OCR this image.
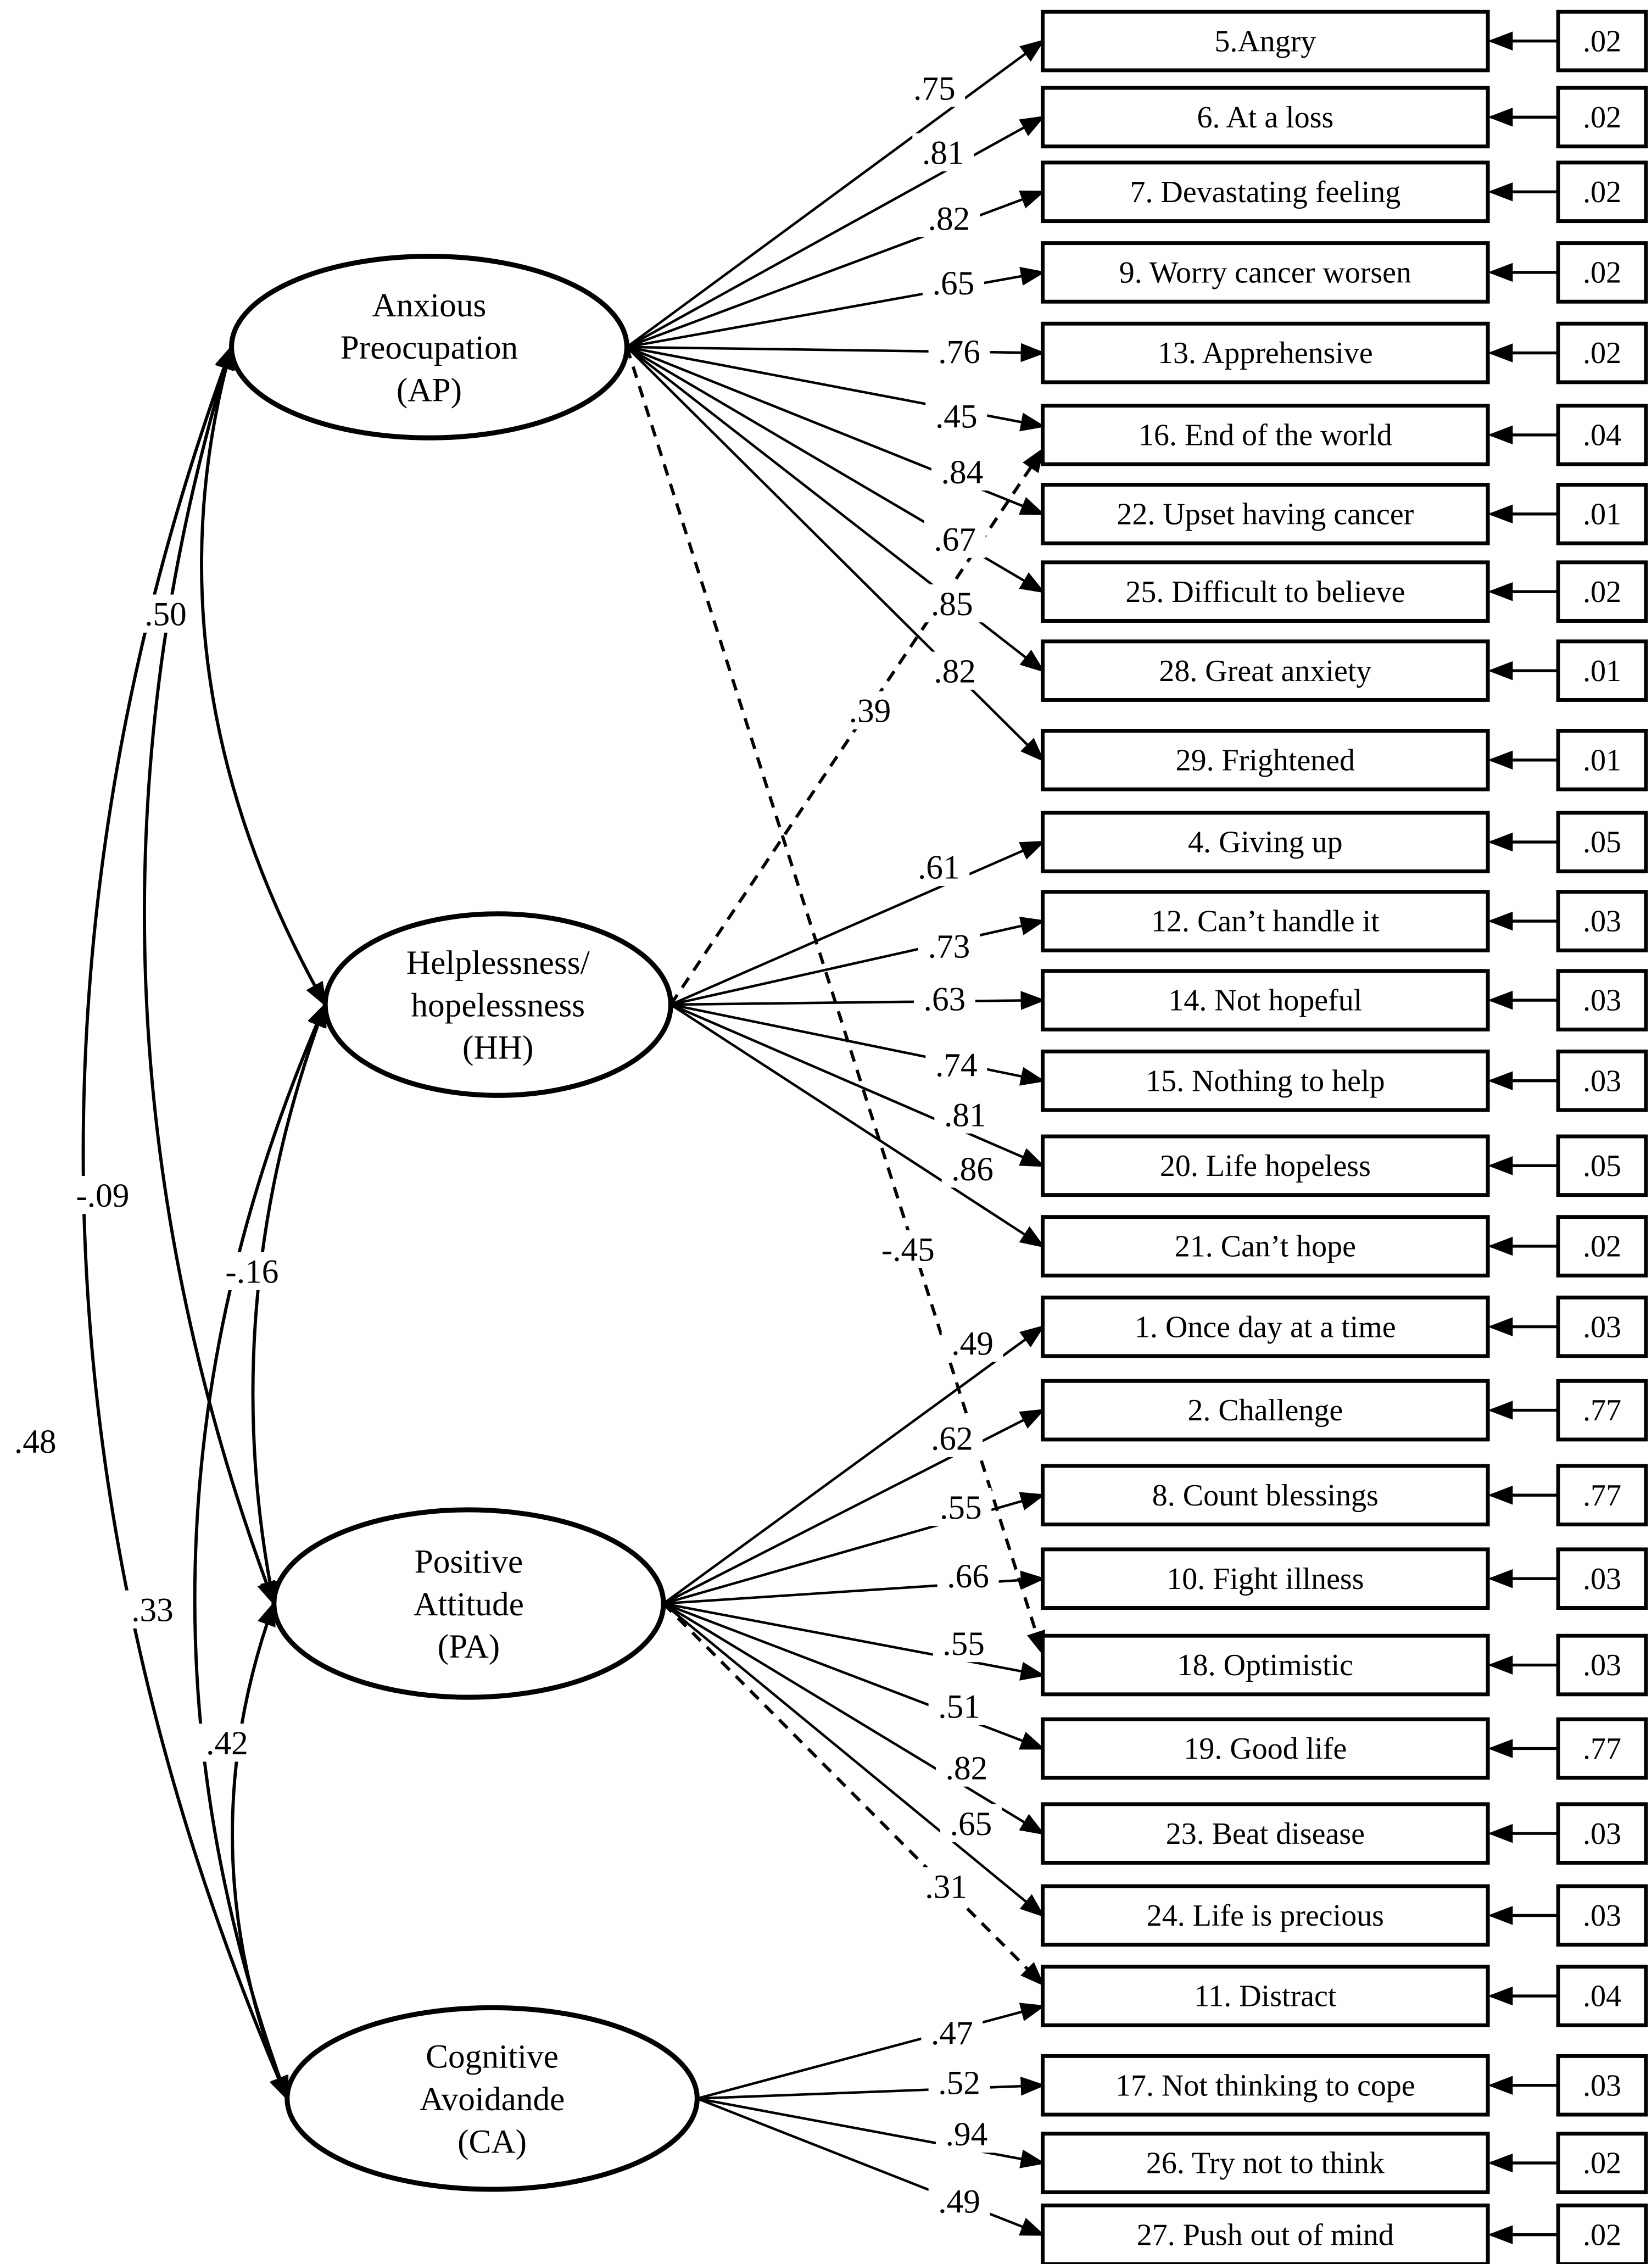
5.Angry	.02
6. At a loss	.02
7. Devastating feeling	.02
9. Worry cancer worsen	.02
13. Apprehensive	.02
16. End of the world	.04
22. Upset having cancer	.01
25. Difficult to believe	.02
28. Great anxiety	.01
29. Frightened	.01
4. Giving up	.05
12. Can’t handle it	.03
14. Not hopeful	.03
15. Nothing to help	.03
20. Life hopeless	.05
21. Can’t hope	.02
1. Once day at a time	.03
2. Challenge	.77
8. Count blessings	.77
10. Fight illness	.03
18. Optimistic	.03
19. Good life	.77
23. Beat disease	.03
24. Life is precious	.03
11. Distract	.04
17. Not thinking to cope	.03
26. Try not to think	.02
27. Push out of mind	.02
Anxious
Preocupation
(AP)
Helplessness/
hopelessness
(HH)
Positive
Attitude
(PA)
Cognitive
Avoidande
(CA)
.75
.81
.82
.65
.76
.45
.84
.67
.85
.82
.61
.73
.63
.74
.81
.86
.49
.62
.55
.66
.55
.51
.82
.65
.47
.52
.94
.49
.50
-.09
.48
-.16
.33
.42
.39
-.45
.31
